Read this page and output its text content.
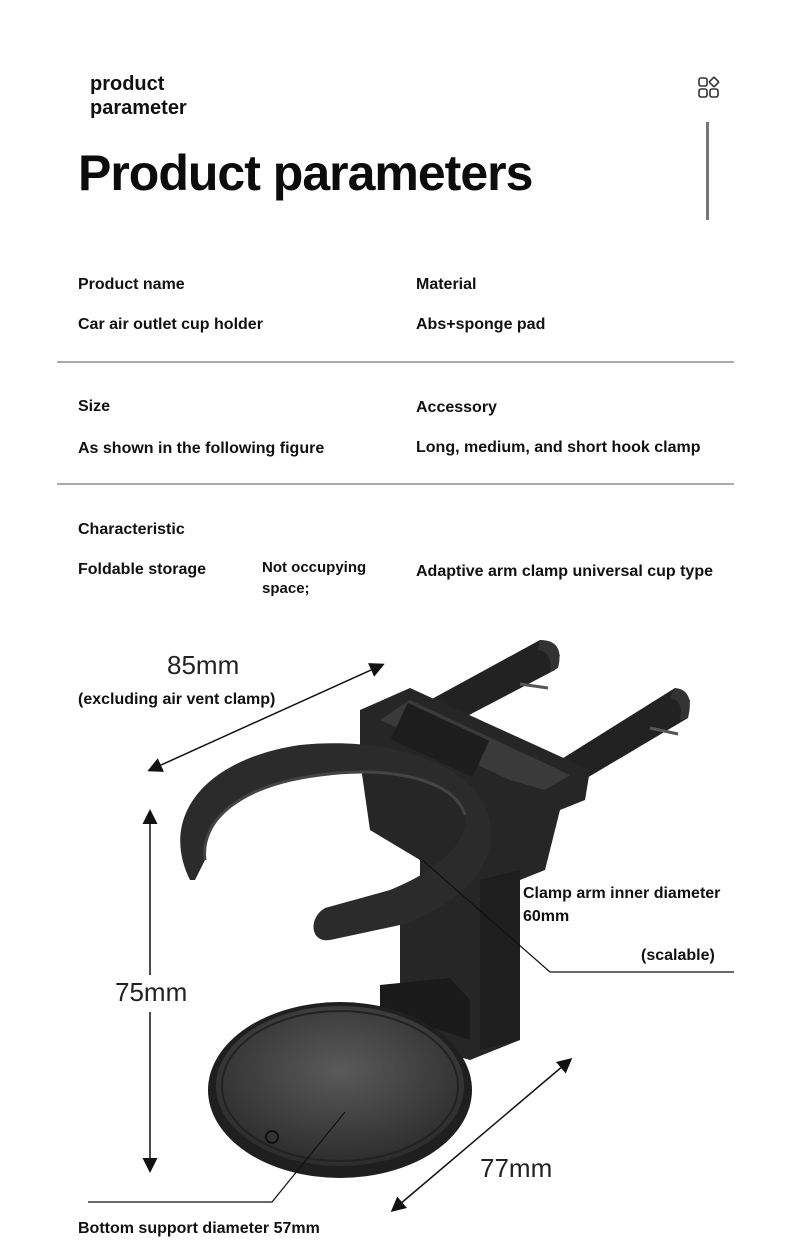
product
parameter
Product parameters
Product name
Car air outlet cup holder
Material
Abs+sponge pad
Size
As shown in the following figure
Accessory
Long, medium, and short hook clamp
Characteristic
Foldable storage	Not occupying space;
Adaptive arm clamp universal cup type
85mm
(excluding air vent clamp)
75mm
77mm
Clamp arm inner diameter
60mm
(scalable)
Bottom support diameter 57mm
